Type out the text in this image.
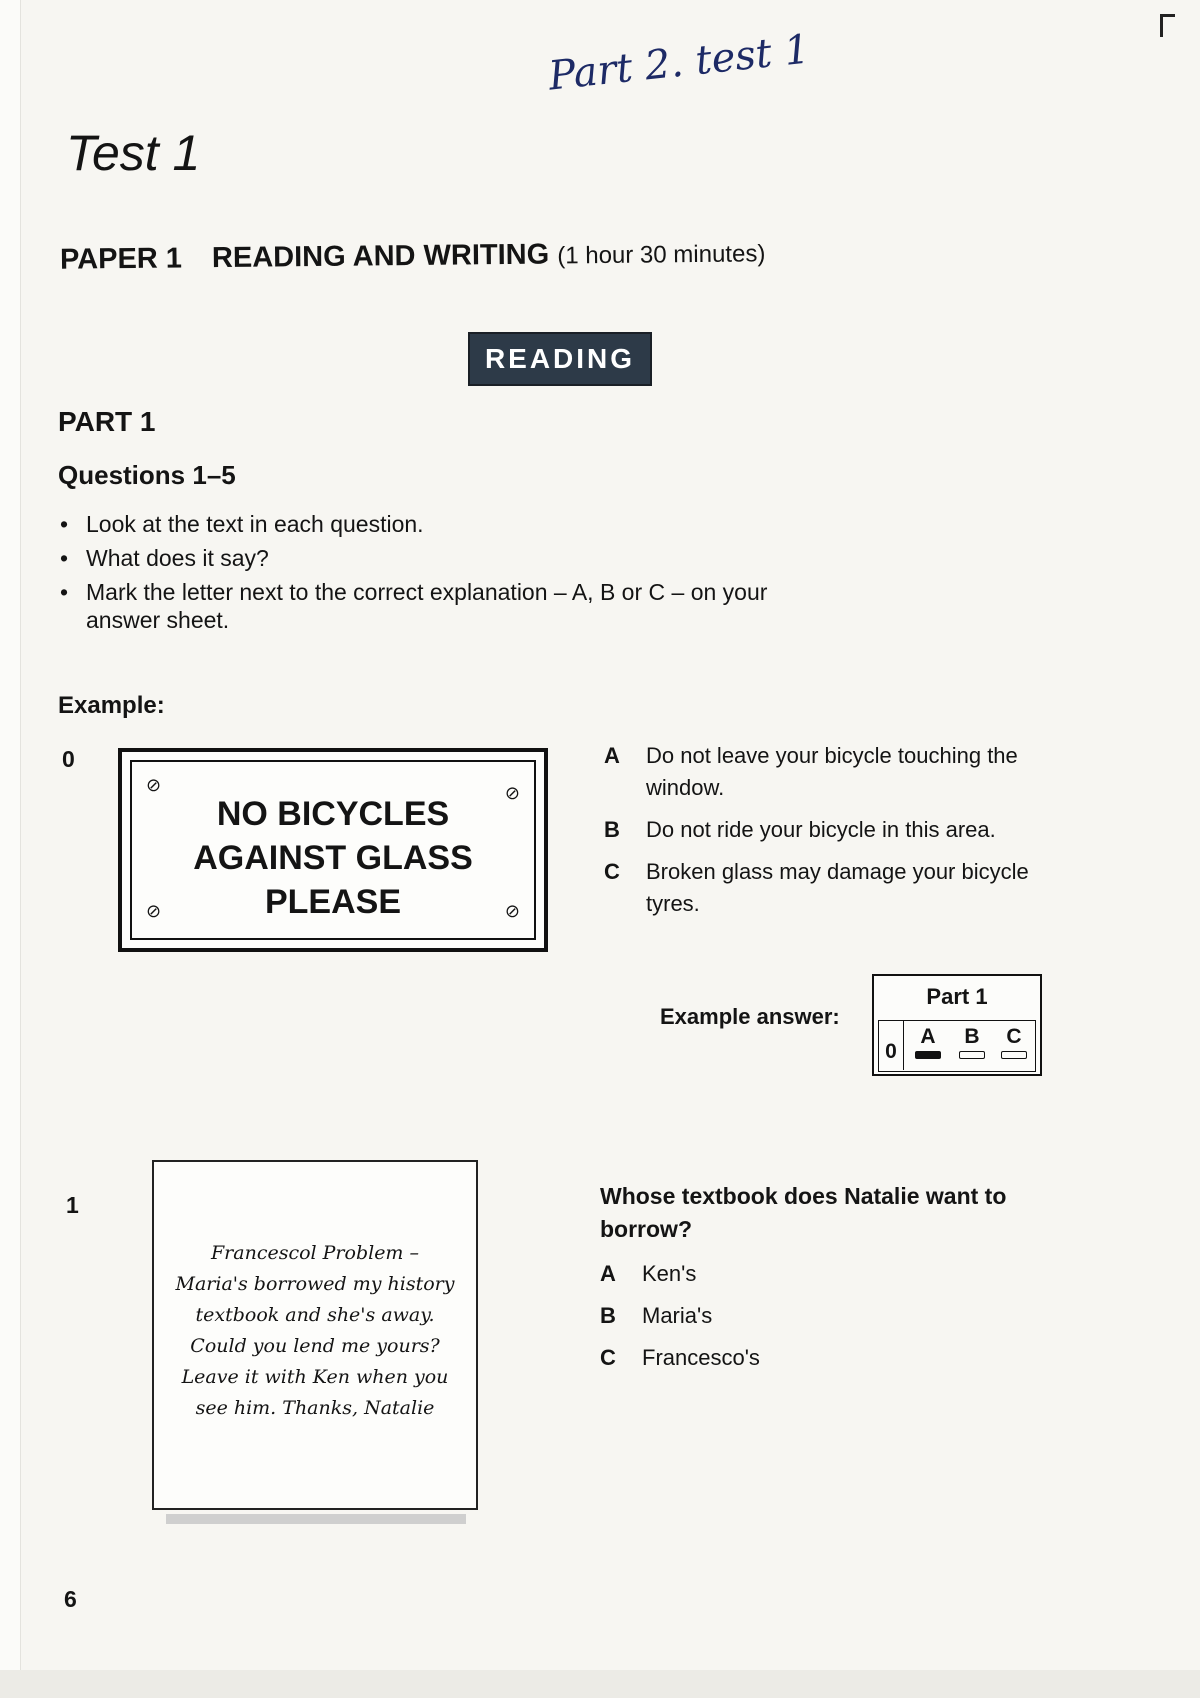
Part 2. test 1
Test 1
PAPER 1 READING AND WRITING (1 hour 30 minutes)
READING
PART 1
Questions 1–5
• Look at the text in each question.
• What does it say?
• Mark the letter next to the correct explanation – A, B or C – on your answer sheet.
Example:
0
⊘	⊘
⊘	⊘
NO BICYCLES
AGAINST GLASS
PLEASE
A Do not leave your bicycle touching the window.
B Do not ride your bicycle in this area.
C Broken glass may damage your bicycle tyres.
Example answer:
Part 1
0
A	B	C
1
Francescol Problem –
Maria's borrowed my history
textbook and she's away.
Could you lend me yours?
Leave it with Ken when you
see him. Thanks, Natalie

Whose textbook does Natalie want to borrow?

A Ken's
B Maria's
C Francesco's
6
